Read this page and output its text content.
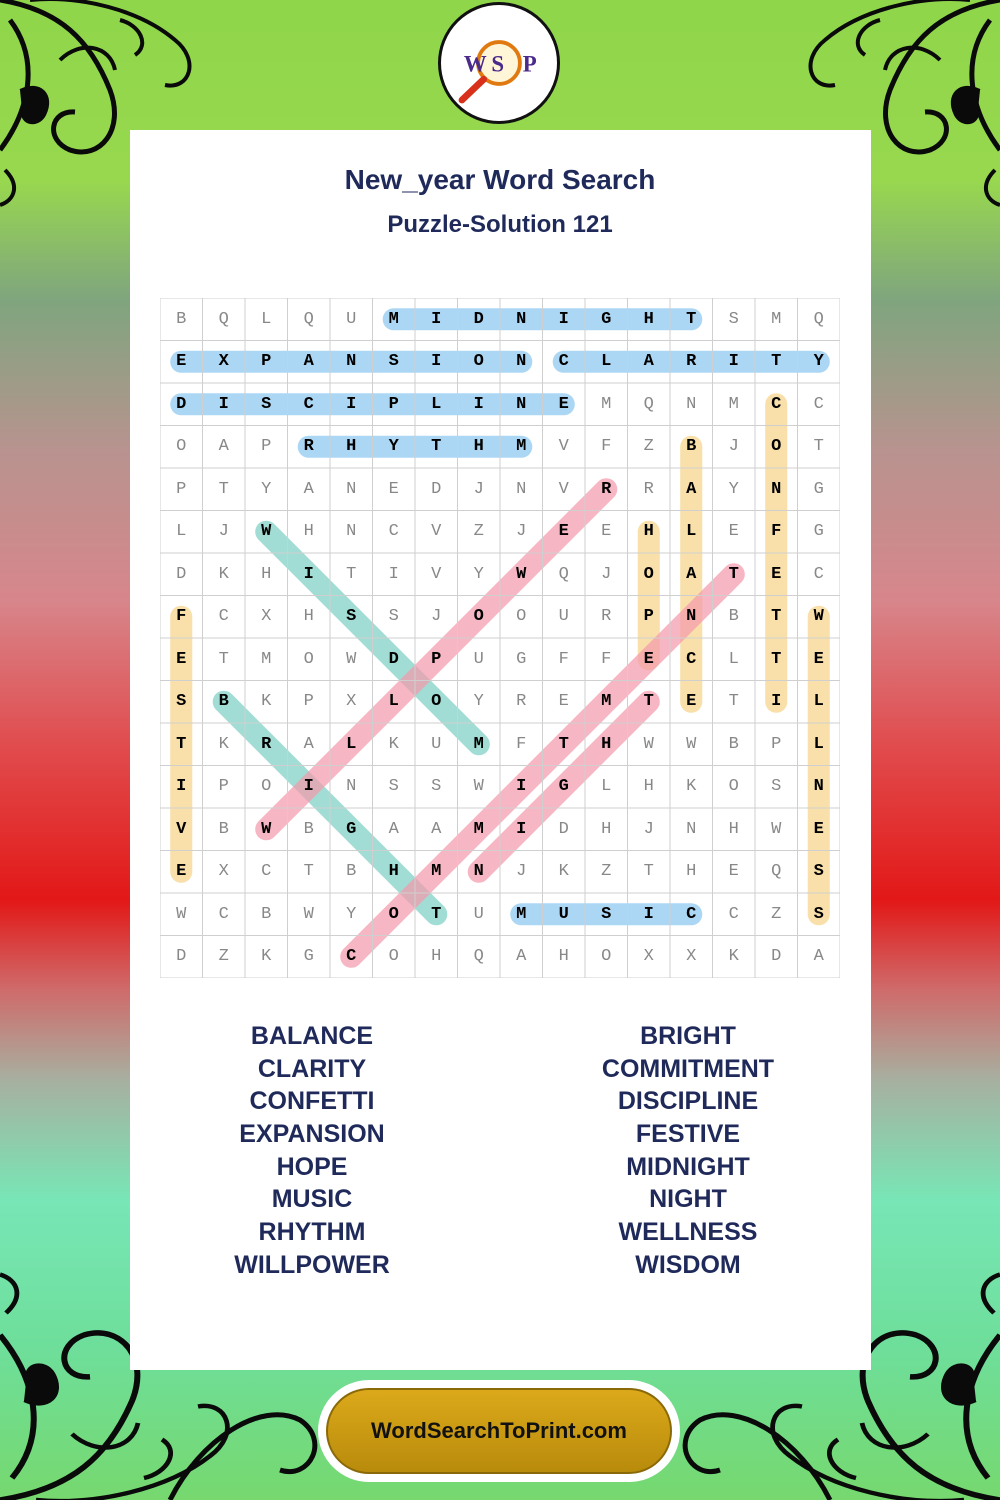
W S P
New_year Word Search
Puzzle-Solution 121
B	Q	L	Q	U	M	I	D	N	I	G	H	T	S	M	Q
E	X	P	A	N	S	I	O	N	C	L	A	R	I	T	Y
D	I	S	C	I	P	L	I	N	E	M	Q	N	M	C	C
O	A	P	R	H	Y	T	H	M	V	F	Z	B	J	O	T
P	T	Y	A	N	E	D	J	N	V	R	R	A	Y	N	G
L	J	W	H	N	C	V	Z	J	E	E	H	L	E	F	G
D	K	H	I	T	I	V	Y	W	Q	J	O	A	T	E	C
F	C	X	H	S	S	J	O	O	U	R	P	N	B	T	W
E	T	M	O	W	D	P	U	G	F	F	E	C	L	T	E
S	B	K	P	X	L	O	Y	R	E	M	T	E	T	I	L
T	K	R	A	L	K	U	M	F	T	H	W	W	B	P	L
I	P	O	I	N	S	S	W	I	G	L	H	K	O	S	N
V	B	W	B	G	A	A	M	I	D	H	J	N	H	W	E
E	X	C	T	B	H	M	N	J	K	Z	T	H	E	Q	S
W	C	B	W	Y	O	T	U	M	U	S	I	C	C	Z	S
D	Z	K	G	C	O	H	Q	A	H	O	X	X	K	D	A
BALANCE
CLARITY
CONFETTI
EXPANSION
HOPE
MUSIC
RHYTHM
WILLPOWER
BRIGHT
COMMITMENT
DISCIPLINE
FESTIVE
MIDNIGHT
NIGHT
WELLNESS
WISDOM
WordSearchToPrint.com
